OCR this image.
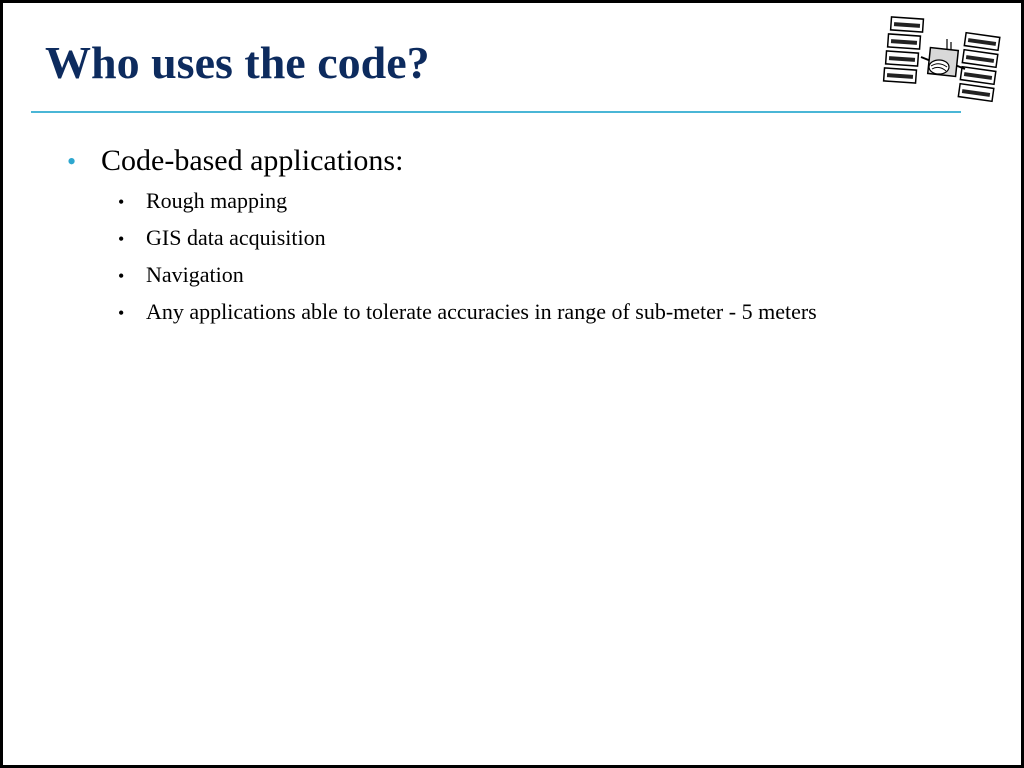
Who uses the code?
• Code-based applications:
• Rough mapping
• GIS data acquisition
• Navigation
• Any applications able to tolerate accuracies in range of sub-meter - 5 meters
